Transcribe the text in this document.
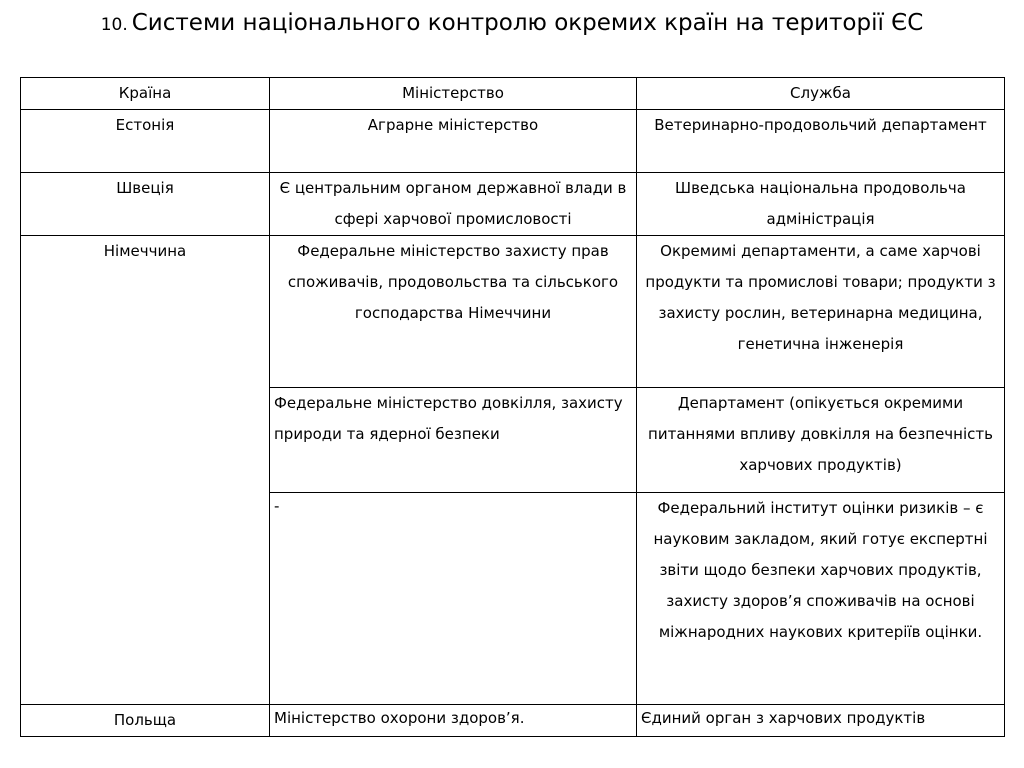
10. Системи національного контролю окремих країн на території ЄС
Країна	Міністерство	Служба
Естонія	Аграрне міністерство	Ветеринарно-продовольчий департамент
Швеція	Є центральним органом державної влади в сфері харчової промисловості	Шведська національна продовольча адміністрація
Німеччина	Федеральне міністерство захисту прав споживачів, продовольства та сільського господарства Німеччини	Окремимі департаменти, а саме харчові продукти та промислові товари; продукти з захисту рослин, ветеринарна медицина, генетична інженерія
	Федеральне міністерство довкілля, захисту природи та ядерної безпеки	Департамент (опікується окремими питаннями впливу довкілля на безпечність харчових продуктів)
	-	Федеральний інститут оцінки ризиків – є науковим закладом, який готує експертні звіти щодо безпеки харчових продуктів, захисту здоров’я споживачів на основі міжнародних наукових критеріїв оцінки.
Польща	Міністерство охорони здоров’я.	Єдиний орган з харчових продуктів
